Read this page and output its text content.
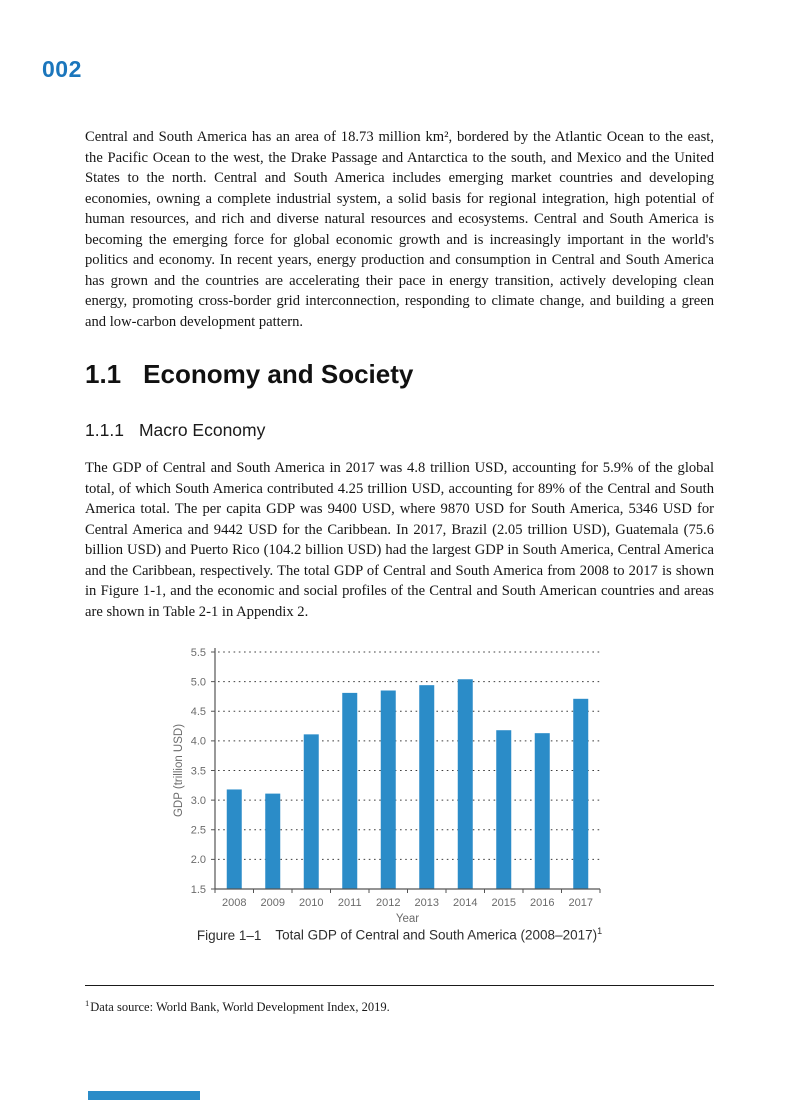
002

Central and South America has an area of 18.73 million km², bordered by the Atlantic Ocean to the east, the Pacific Ocean to the west, the Drake Passage and Antarctica to the south, and Mexico and the United States to the north. Central and South America includes emerging market countries and developing economies, owning a complete industrial system, a solid basis for regional integration, high potential of human resources, and rich and diverse natural resources and ecosystems. Central and South America is becoming the emerging force for global economic growth and is increasingly important in the world's politics and economy. In recent years, energy production and consumption in Central and South America has grown and the countries are accelerating their pace in energy transition, actively developing clean energy, promoting cross-border grid interconnection, responding to climate change, and building a green and low-carbon development pattern.

1.1 Economy and Society
1.1.1 Macro Economy

The GDP of Central and South America in 2017 was 4.8 trillion USD, accounting for 5.9% of the global total, of which South America contributed 4.25 trillion USD, accounting for 89% of the Central and South America total. The per capita GDP was 9400 USD, where 9870 USD for South America, 5346 USD for Central America and 9442 USD for the Caribbean. In 2017, Brazil (2.05 trillion USD), Guatemala (75.6 billion USD) and Puerto Rico (104.2 billion USD) had the largest GDP in South America, Central America and the Caribbean, respectively. The total GDP of Central and South America from 2008 to 2017 is shown in Figure 1-1, and the economic and social profiles of the Central and South American countries and areas are shown in Table 2-1 in Appendix 2.

1.5
2.0
2.5
3.0
3.5
4.0
4.5
5.0
5.5
2008 2009 2010 2011 2012 2013 2014 2015 2016 2017
Year
GDP (trillion USD)
Figure 1–1 Total GDP of Central and South America (2008–2017)$^1$
$^1$Data source: World Bank, World Development Index, 2019.
